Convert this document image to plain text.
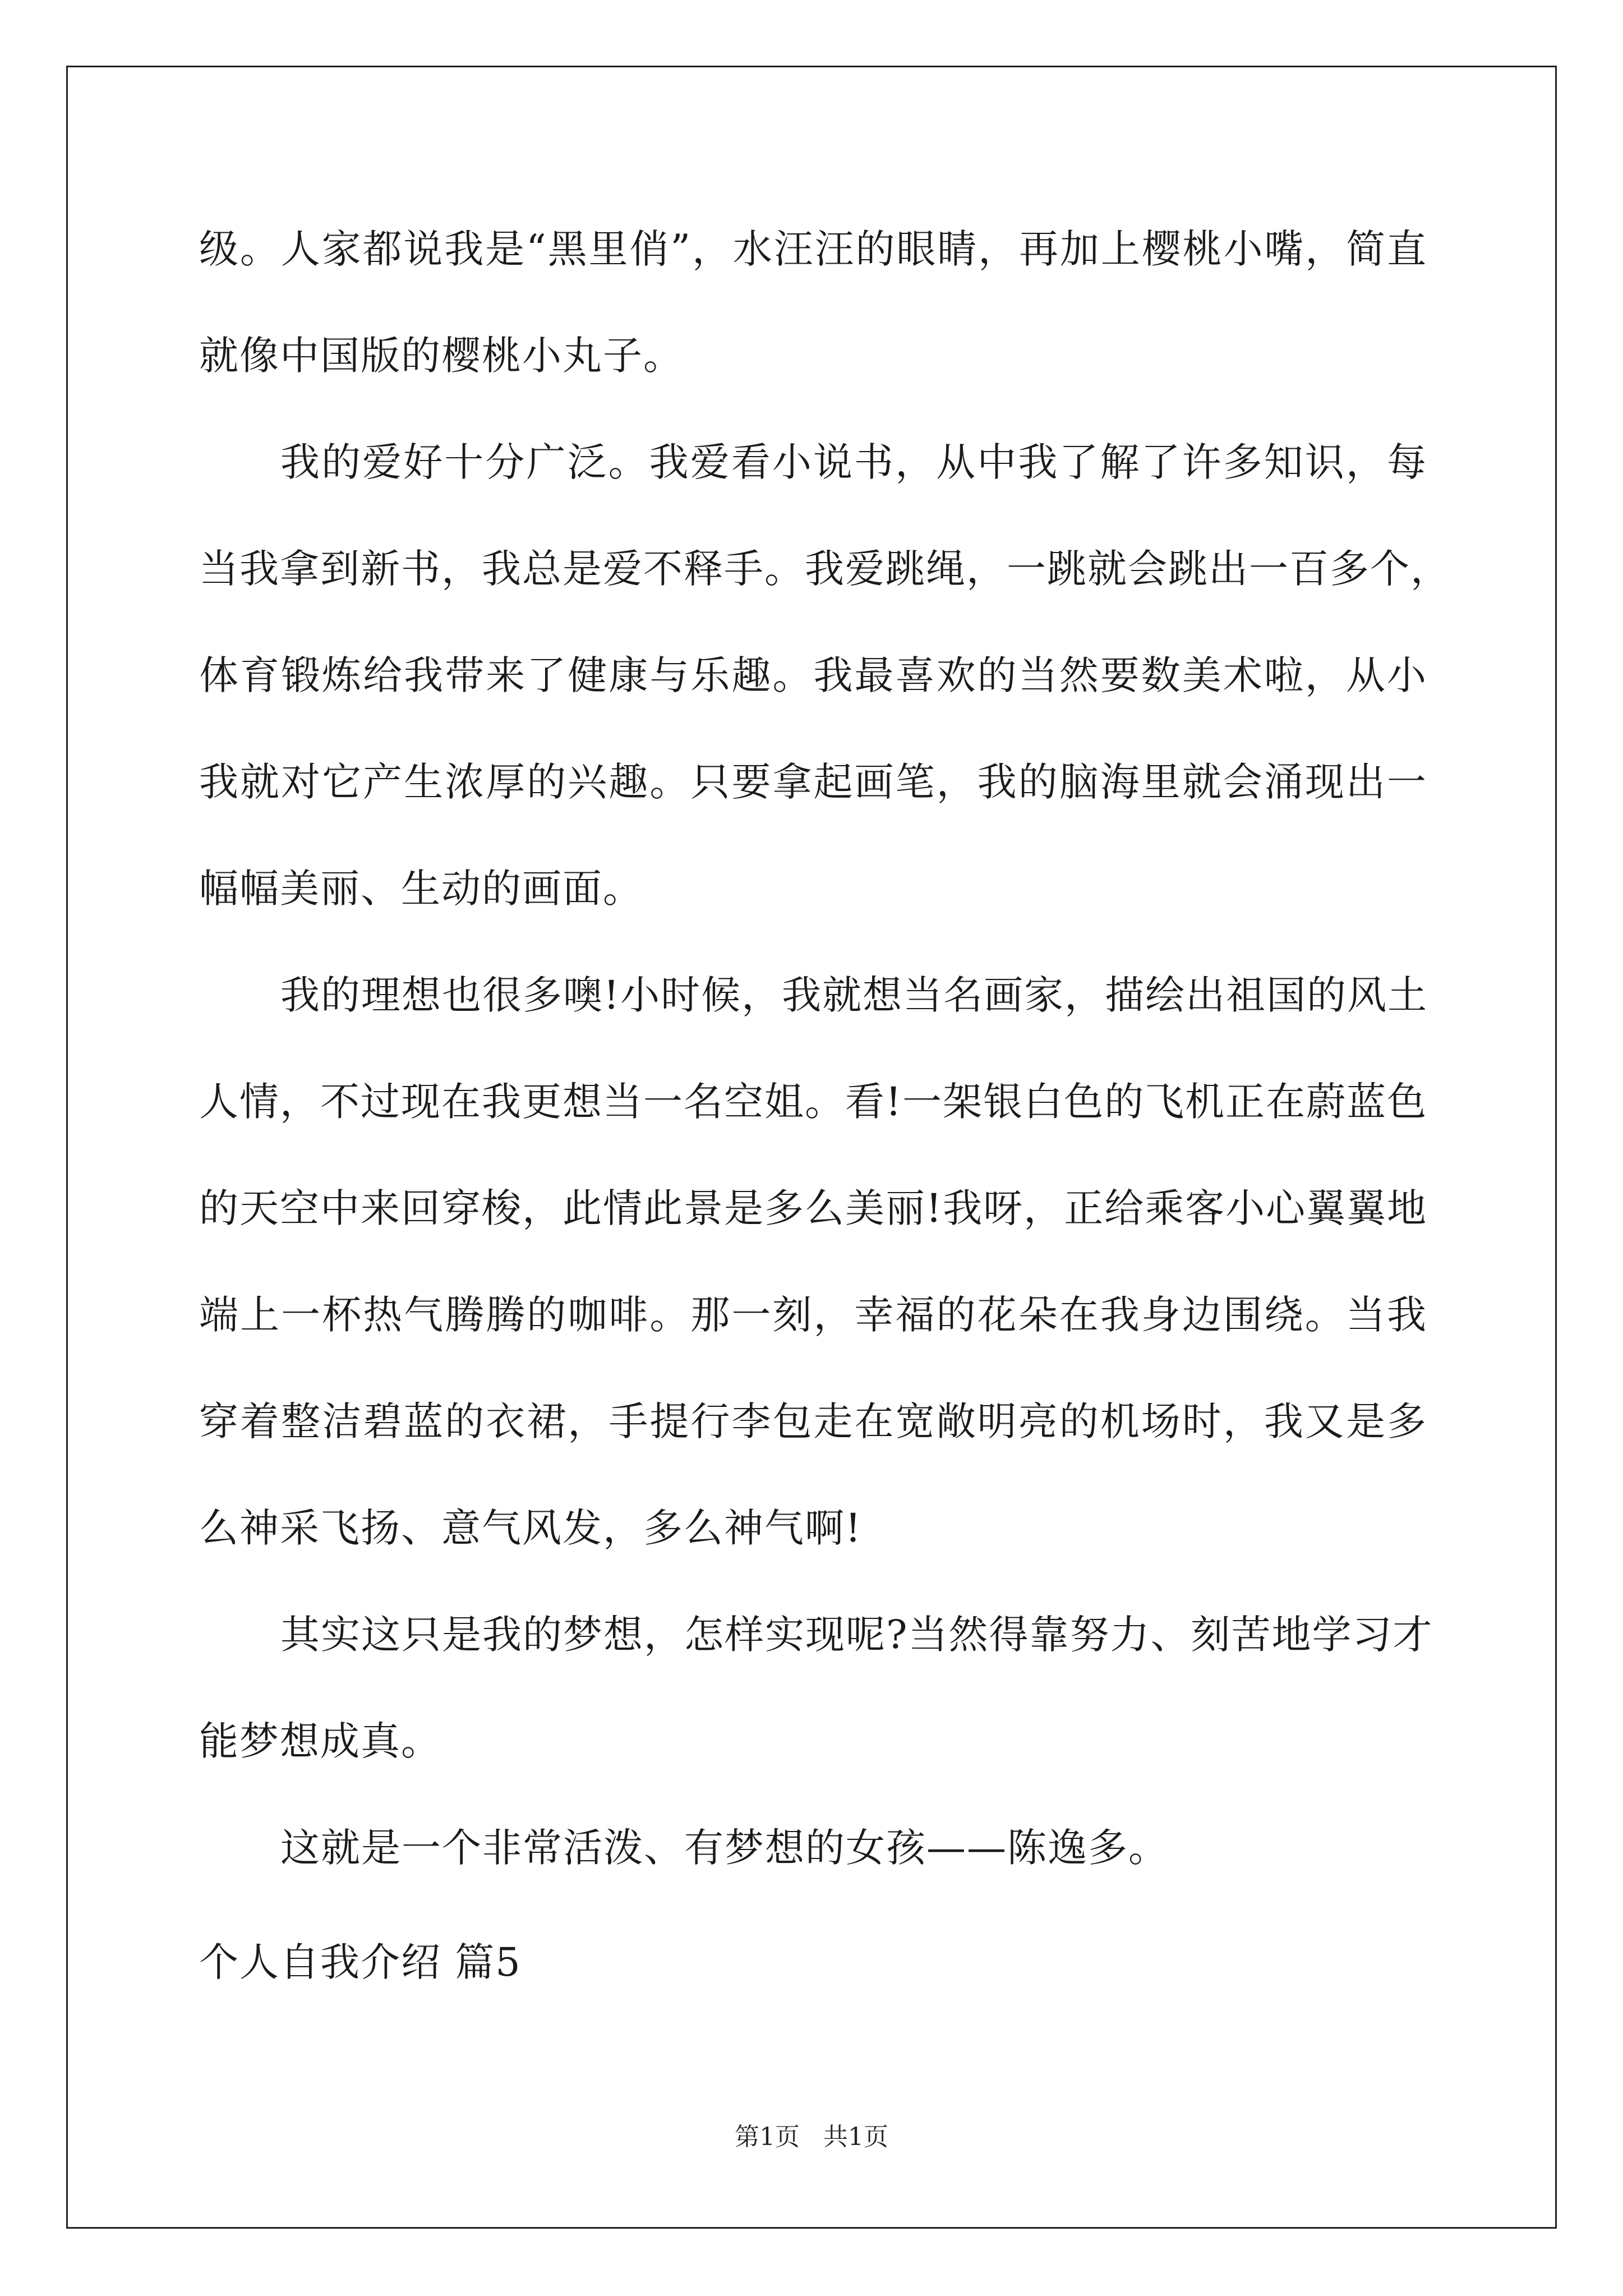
级。人家都说我是“黑里俏”，水汪汪的眼睛，再加上樱桃小嘴，简直
就像中国版的樱桃小丸子。
我的爱好十分广泛。我爱看小说书，从中我了解了许多知识，每
当我拿到新书，我总是爱不释手。我爱跳绳，一跳就会跳出一百多个，
体育锻炼给我带来了健康与乐趣。我最喜欢的当然要数美术啦，从小
我就对它产生浓厚的兴趣。只要拿起画笔，我的脑海里就会涌现出一
幅幅美丽、生动的画面。
我的理想也很多噢!小时候，我就想当名画家，描绘出祖国的风土
人情，不过现在我更想当一名空姐。看!一架银白色的飞机正在蔚蓝色
的天空中来回穿梭，此情此景是多么美丽!我呀，正给乘客小心翼翼地
端上一杯热气腾腾的咖啡。那一刻，幸福的花朵在我身边围绕。当我
穿着整洁碧蓝的衣裙，手提行李包走在宽敞明亮的机场时，我又是多
么神采飞扬、意气风发，多么神气啊!
其实这只是我的梦想，怎样实现呢?当然得靠努力、刻苦地学习才
能梦想成真。
这就是一个非常活泼、有梦想的女孩——陈逸多。
个人自我介绍 篇5
第1页   共1页
